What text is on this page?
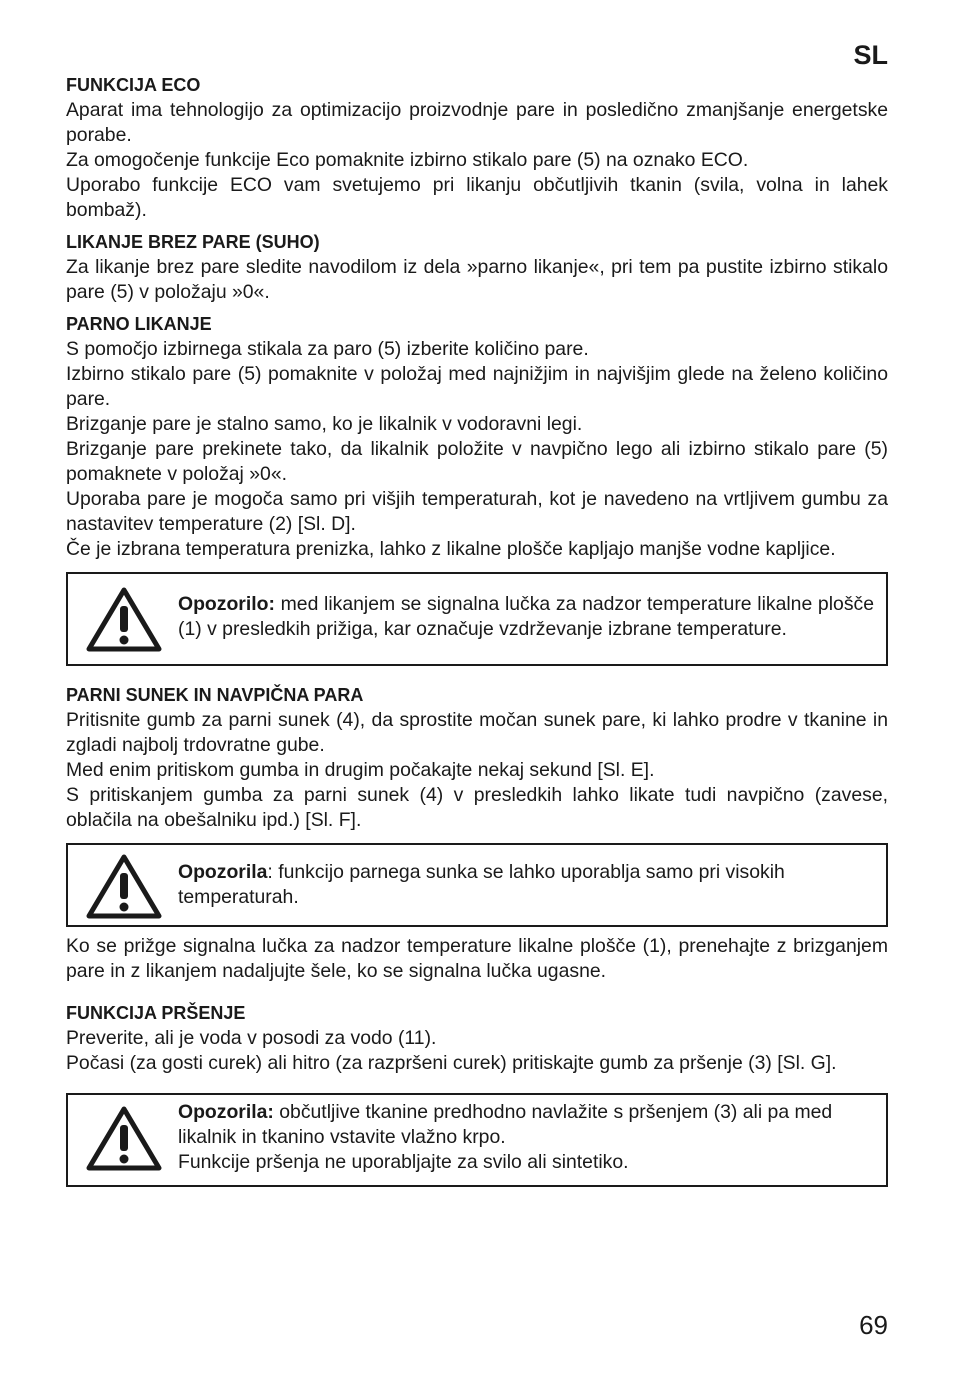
SL
FUNKCIJA ECO

Aparat ima tehnologijo za optimizacijo proizvodnje pare in posledično zmanjšanje energetske porabe.

Za omogočenje funkcije Eco pomaknite izbirno stikalo pare (5) na oznako ECO.

Uporabo funkcije ECO vam svetujemo pri likanju občutljivih tkanin (svila, volna in lahek bombaž).

LIKANJE BREZ PARE (SUHO)

Za likanje brez pare sledite navodilom iz dela »parno likanje«, pri tem pa pustite izbirno stikalo pare (5) v položaju »0«.

PARNO LIKANJE

S pomočjo izbirnega stikala za paro (5) izberite količino pare.

Izbirno stikalo pare (5) pomaknite v položaj med najnižjim in najvišjim glede na želeno količino pare.

Brizganje pare je stalno samo, ko je likalnik v vodoravni legi.

Brizganje pare prekinete tako, da likalnik položite v navpično lego ali izbirno stikalo pare (5) pomaknete v položaj »0«.

Uporaba pare je mogoča samo pri višjih temperaturah, kot je navedeno na vrtljivem gumbu za nastavitev temperature (2) [Sl. D].

Če je izbrana temperatura prenizka, lahko z likalne plošče kapljajo manjše vodne kapljice.

Opozorilo: med likanjem se signalna lučka za nadzor temperature likalne plošče (1) v presledkih prižiga, kar označuje vzdrževanje izbrane temperature.

PARNI SUNEK IN NAVPIČNA PARA

Pritisnite gumb za parni sunek (4), da sprostite močan sunek pare, ki lahko prodre v tkanine in zgladi najbolj trdovratne gube.

Med enim pritiskom gumba in drugim počakajte nekaj sekund [Sl. E].

S pritiskanjem gumba za parni sunek (4) v presledkih lahko likate tudi navpično (zavese, oblačila na obešalniku ipd.) [Sl. F].

Opozorila: funkcijo parnega sunka se lahko uporablja samo pri visokih temperaturah.

Ko se prižge signalna lučka za nadzor temperature likalne plošče (1), prenehajte z brizganjem pare in z likanjem nadaljujte šele, ko se signalna lučka ugasne.

FUNKCIJA PRŠENJE

Preverite, ali je voda v posodi za vodo (11).

Počasi (za gosti curek) ali hitro (za razpršeni curek) pritiskajte gumb za pršenje (3) [Sl. G].

Opozorila: občutljive tkanine predhodno navlažite s pršenjem (3) ali pa med likalnik in tkanino vstavite vlažno krpo.

Funkcije pršenja ne uporabljajte za svilo ali sintetiko.

69
